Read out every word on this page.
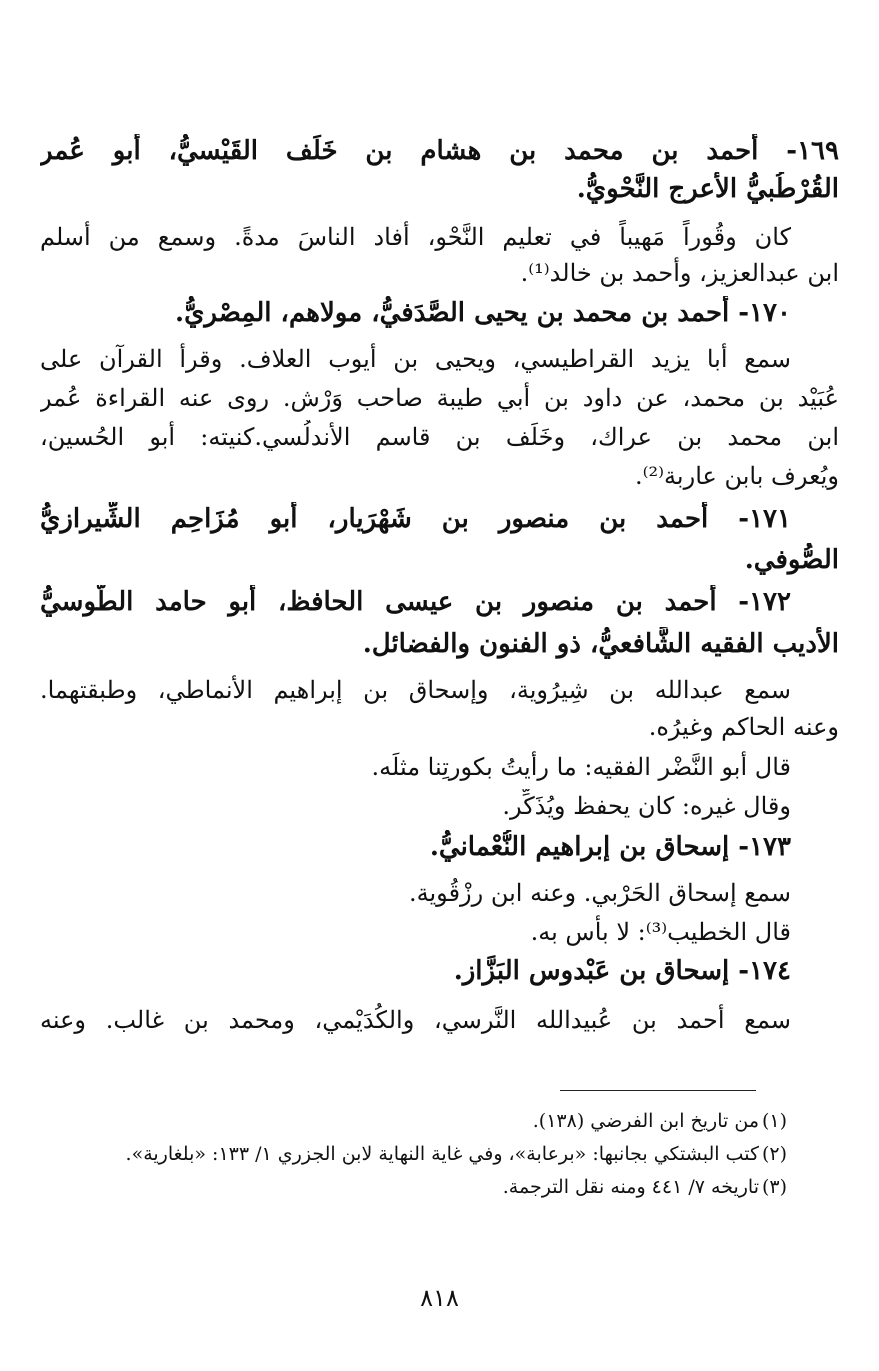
١٦٩- أحمد بن محمد بن هشام بن خَلَف القَيْسيُّ، أبو عُمر
القُرْطُبيُّ الأعرج النَّحْويُّ.
كان وقُوراً مَهيباً في تعليم النَّحْو، أفاد الناسَ مدةً. وسمع من أسلم
ابن عبدالعزيز، وأحمد بن خالد⁽¹⁾.
١٧٠- أحمد بن محمد بن يحيى الصَّدَفيُّ، مولاهم، المِصْريُّ.
سمع أبا يزيد القراطيسي، ويحيى بن أيوب العلاف. وقرأ القرآن على
عُبَيْد بن محمد، عن داود بن أبي طيبة صاحب وَرْش. روى عنه القراءة عُمر
ابن محمد بن عراك، وخَلَف بن قاسم الأندلُسي.كنيته: أبو الحُسين،
ويُعرف بابن عاربة⁽²⁾.
١٧١- أحمد بن منصور بن شَهْرَيار، أبو مُزَاحِم الشِّيرازيُّ
الصُّوفي.
١٧٢- أحمد بن منصور بن عيسى الحافظ، أبو حامد الطُّوسيُّ
الأديب الفقيه الشَّافعيُّ، ذو الفنون والفضائل.
سمع عبدالله بن شِيرُوية، وإسحاق بن إبراهيم الأنماطي، وطبقتهما.
وعنه الحاكم وغيرُه.
قال أبو النَّضْر الفقيه: ما رأيتُ بكورتِنا مثلَه.
وقال غيره: كان يحفظ ويُذَكِّر.
١٧٣- إسحاق بن إبراهيم النُّعْمانيُّ.
سمع إسحاق الحَرْبي. وعنه ابن رزْقُوية.
قال الخطيب⁽³⁾: لا بأس به.
١٧٤- إسحاق بن عَبْدوس البَزَّاز.
سمع أحمد بن عُبيدالله النَّرسي، والكُدَيْمي، ومحمد بن غالب. وعنه
(١)
من تاريخ ابن الفرضي (١٣٨).
(٢)
كتب البشتكي بجانبها: «برعابة»، وفي غاية النهاية لابن الجزري ١/ ١٣٣: «بلغارية».
(٣)
تاريخه ٧/ ٤٤١ ومنه نقل الترجمة.
٨١٨
